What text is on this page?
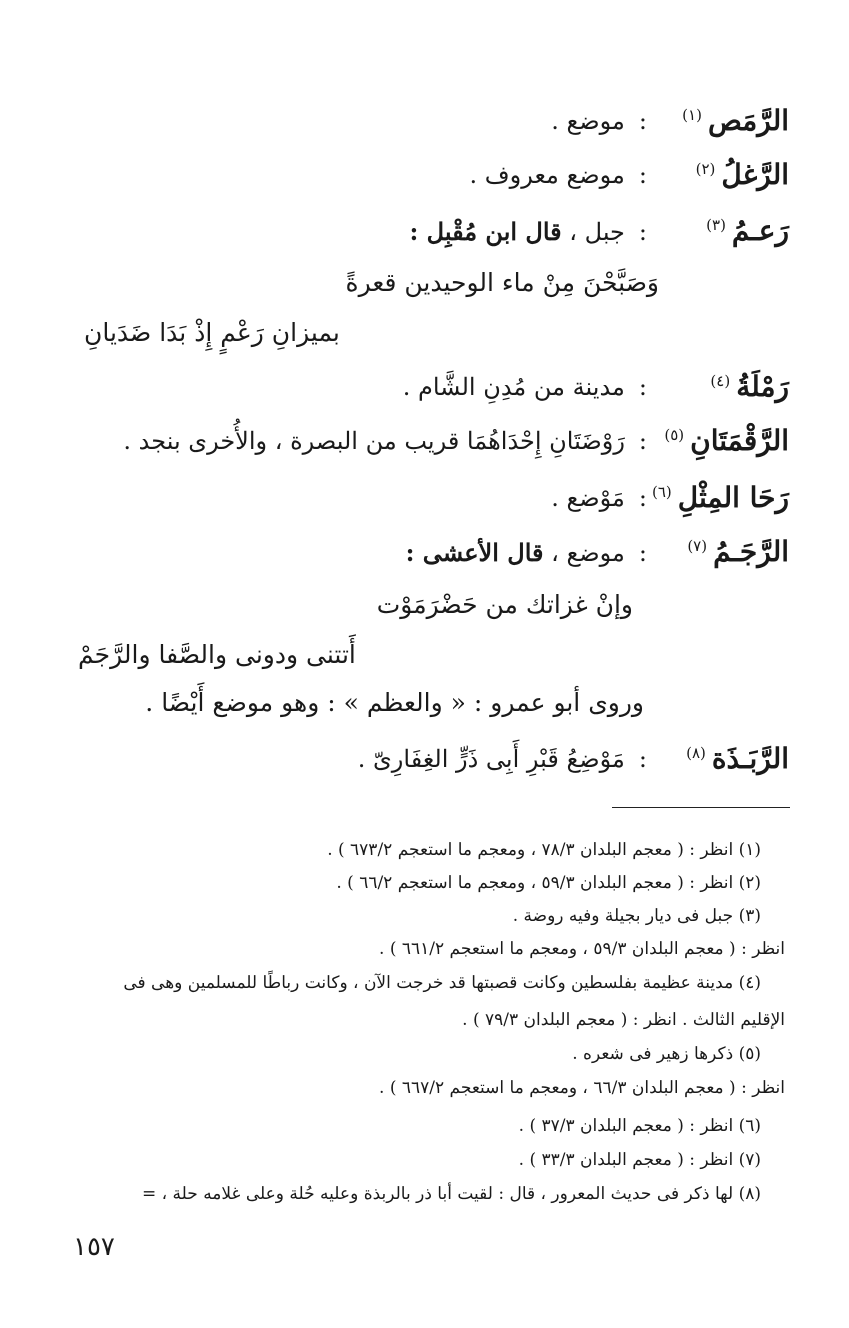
الرَّمَص$^{(١)}$
:موضع .
الرَّغلُ$^{(٢)}$
:موضع معروف .
رَعـمُ$^{(٣)}$
:جبل ، قال ابن مُقْبِل :
وَصَبَّحْنَ مِنْ ماء الوحيدين قعرةً
بميزانِ رَعْمٍ إِذْ بَدَا ضَدَيانِ
رَمْلَةُ$^{(٤)}$
:مدينة من مُدِنِ الشَّام .
الرَّقْمَتَانِ$^{(٥)}$
:رَوْضَتَانِ إِحْدَاهُمَا قريب من البصرة ، والأُخرى بنجد .
رَحَا المِثْلِ$^{(٦)}$
:مَوْضع .
الرَّجَـمُ$^{(٧)}$
:موضع ، قال الأعشى :
وإنْ غزاتك من حَضْرَمَوْت
أَتتنى ودونى والصَّفا والرَّجَمْ
وروى أبو عمرو : « والعظم » : وهو موضع أَيْضًا .
الرَّبَـذَة$^{(٨)}$
:مَوْضِعُ قَبْرِ أَبِى ذَرٍّ الغِفَارِىّ .
(١) انظر : ( معجم البلدان ٧٨/٣ ، ومعجم ما استعجم ٦٧٣/٢ ) .
(٢) انظر : ( معجم البلدان ٥٩/٣ ، ومعجم ما استعجم ٦٦/٢ ) .
(٣) جبل فى ديار بجيلة وفيه روضة .
انظر : ( معجم البلدان ٥٩/٣ ، ومعجم ما استعجم ٦٦١/٢ ) .
(٤) مدينة عظيمة بفلسطين وكانت قصبتها قد خرجت الآن ، وكانت رباطًا للمسلمين وهى فى
الإقليم الثالث . انظر : ( معجم البلدان ٧٩/٣ ) .
(٥) ذكرها زهير فى شعره .
انظر : ( معجم البلدان ٦٦/٣ ، ومعجم ما استعجم ٦٦٧/٢ ) .
(٦) انظر : ( معجم البلدان ٣٧/٣ ) .
(٧) انظر : ( معجم البلدان ٣٣/٣ ) .
(٨) لها ذكر فى حديث المعرور ، قال : لقيت أبا ذر بالربذة وعليه حُلة وعلى غلامه حلة ، =
١٥٧
